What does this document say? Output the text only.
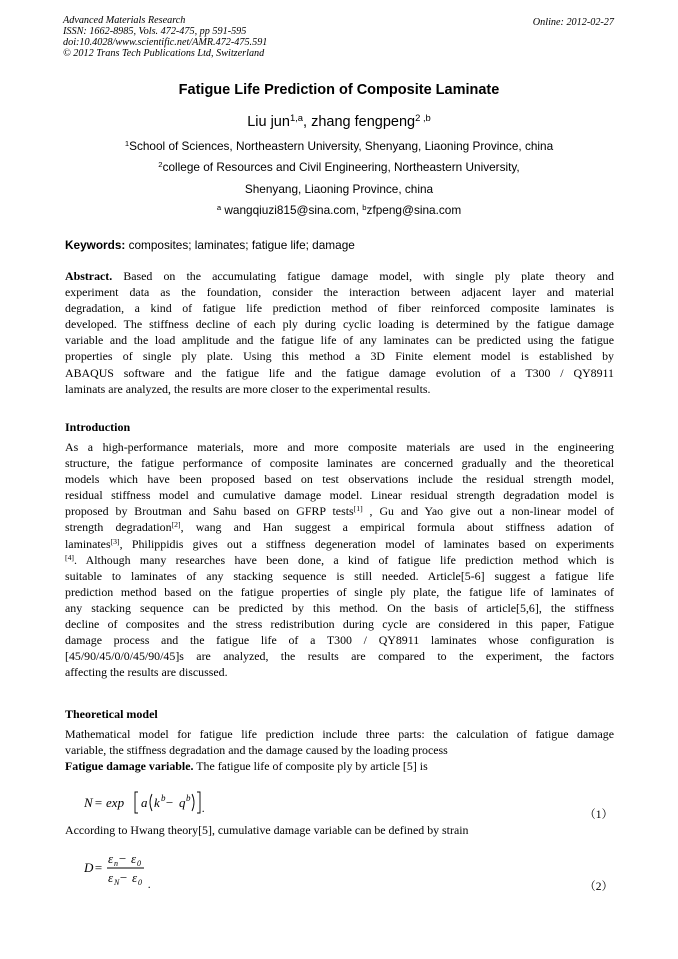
Advanced Materials Research
ISSN: 1662-8985, Vols. 472-475, pp 591-595
doi:10.4028/www.scientific.net/AMR.472-475.591
© 2012 Trans Tech Publications Ltd, Switzerland
Online: 2012-02-27
Fatigue Life Prediction of Composite Laminate
Liu jun$^{1,a}$, zhang fengpeng$^{2 ,b}$
$^1$School of Sciences, Northeastern University, Shenyang, Liaoning Province, china
$^2$college of Resources and Civil Engineering, Northeastern University,
Shenyang, Liaoning Province, china
$^a$ wangqiuzi815@sina.com, $^b$zfpeng@sina.com
Keywords: composites; laminates; fatigue life; damage
Abstract. Based on the accumulating fatigue damage model, with single ply plate theory and
experiment data as the foundation, consider the interaction between adjacent layer and material
degradation, a kind of fatigue life prediction method of fiber reinforced composite laminates is
developed. The stiffness decline of each ply during cyclic loading is determined by the fatigue damage
variable and the load amplitude and the fatigue life of any laminates can be predicted using the fatigue
properties of single ply plate. Using this method a 3D Finite element model is established by
ABAQUS software and the fatigue life and the fatigue damage evolution of a T300 / QY8911
laminats are analyzed, the results are more closer to the experimental results.
Introduction
As a high-performance materials, more and more composite materials are used in the engineering
structure, the fatigue performance of composite laminates are concerned gradually and the theoretical
models which have been proposed based on test observations include the residual strength model,
residual stiffness model and cumulative damage model. Linear residual strength degradation model is
proposed by Broutman and Sahu based on GFRP tests[1] , Gu and Yao give out a non-linear model of
strength degradation[2], wang and Han suggest a empirical formula about stiffness adation of
laminates[3], Philippidis gives out a stiffness degeneration model of laminates based on experiments
[4]. Although many researches have been done, a kind of fatigue life prediction method which is
suitable to laminates of any stacking sequence is still needed. Article[5-6] suggest a fatigue life
prediction method based on the fatigue properties of single ply plate, the fatigue life of laminates of
any stacking sequence can be predicted by this method. On the basis of article[5,6], the stiffness
decline of composites and the stress redistribution during cycle are considered in this paper, Fatigue
damage process and the fatigue life of a T300 / QY8911 laminates whose configuration is
[45/90/45/0/0/45/90/45]s are analyzed, the results are compared to the experiment, the factors
affecting the results are discussed.
Theoretical model
Mathematical model for fatigue life prediction include three parts: the calculation of fatigue damage
variable, the stiffness degradation and the damage caused by the loading process
Fatigue damage variable. The fatigue life of composite ply by article [5] is
N = exp a k b − q b
.	（1）
According to Hwang theory[5], cumulative damage variable can be defined by strain
D =
ε n − ε 0
ε N − ε 0 .	（2）
